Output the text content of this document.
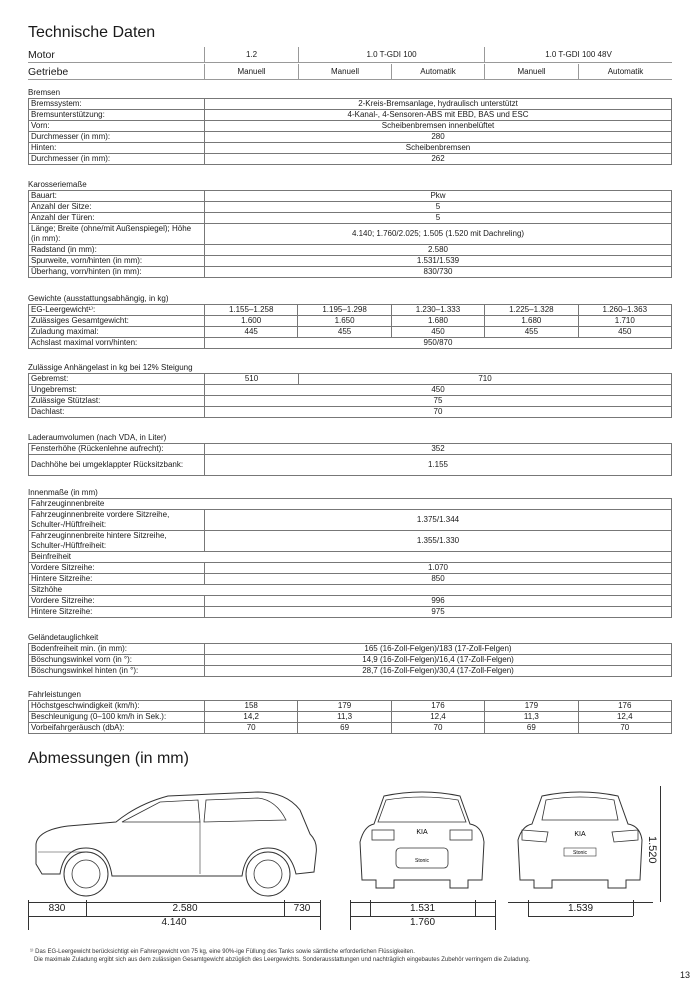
Technische Daten
Motor	1.2	1.0 T-GDI 100	1.0 T-GDI 100 48V
Getriebe	Manuell	Manuell	Automatik	Manuell	Automatik
Bremsen
Bremssystem:	2-Kreis-Bremsanlage, hydraulisch unterstützt
Bremsunterstützung:	4-Kanal-, 4-Sensoren-ABS mit EBD, BAS und ESC
Vorn:	Scheibenbremsen innenbelüftet
Durchmesser (in mm):	280
Hinten:	Scheibenbremsen
Durchmesser (in mm):	262
Karosseriemaße
Bauart:	Pkw
Anzahl der Sitze:	5
Anzahl der Türen:	5
Länge; Breite (ohne/mit Außenspiegel); Höhe (in mm):	4.140; 1.760/2.025; 1.505 (1.520 mit Dachreling)
Radstand (in mm):	2.580
Spurweite, vorn/hinten (in mm):	1.531/1.539
Überhang, vorn/hinten (in mm):	830/730
Gewichte (ausstattungsabhängig, in kg)
EG-Leergewicht¹⁾:	1.155–1.258	1.195–1.298	1.230–1.333	1.225–1.328	1.260–1.363
Zulässiges Gesamtgewicht:	1.600	1.650	1.680	1.680	1.710
Zuladung maximal:	445	455	450	455	450
Achslast maximal vorn/hinten:	950/870				
Zulässige Anhängelast in kg bei 12% Steigung
Gebremst:	510	710
Ungebremst:	450	
Zulässige Stützlast:	75	
Dachlast:	70	
Laderaumvolumen (nach VDA, in Liter)
Fensterhöhe (Rückenlehne aufrecht):	352
Dachhöhe bei umgeklappter Rücksitzbank:	1.155
Innenmaße (in mm)
Fahrzeuginnenbreite	
Fahrzeuginnenbreite vordere Sitzreihe, Schulter-/Hüftfreiheit:	1.375/1.344
Fahrzeuginnenbreite hintere Sitzreihe, Schulter-/Hüftfreiheit:	1.355/1.330
Beinfreiheit	
Vordere Sitzreihe:	1.070
Hintere Sitzreihe:	850
Sitzhöhe	
Vordere Sitzreihe:	996
Hintere Sitzreihe:	975
Geländetauglichkeit
Bodenfreiheit min. (in mm):	165 (16-Zoll-Felgen)/183 (17-Zoll-Felgen)
Böschungswinkel vorn (in °):	14,9 (16-Zoll-Felgen)/16,4 (17-Zoll-Felgen)
Böschungswinkel hinten (in °):	28,7 (16-Zoll-Felgen)/30,4 (17-Zoll-Felgen)
Fahrleistungen
Höchstgeschwindigkeit (km/h):	158	179	176	179	176
Beschleunigung (0–100 km/h in Sek.):	14,2	11,3	12,4	11,3	12,4
Vorbeifahrgeräusch (dbA):	70	69	70	69	70
Abmessungen (in mm)
KIA
Stonic
KIA
Stonic	1.520
830	2.580	730
4.140
1.531
1.760
1.539
¹⁾ Das EG-Leergewicht berücksichtigt ein Fahrergewicht von 75 kg, eine 90%-ige Füllung des Tanks sowie sämtliche erforderlichen Flüssigkeiten.
Die maximale Zuladung ergibt sich aus dem zulässigen Gesamtgewicht abzüglich des Leergewichts. Sonderausstattungen und nachträglich eingebautes Zubehör verringern die Zuladung.
13
